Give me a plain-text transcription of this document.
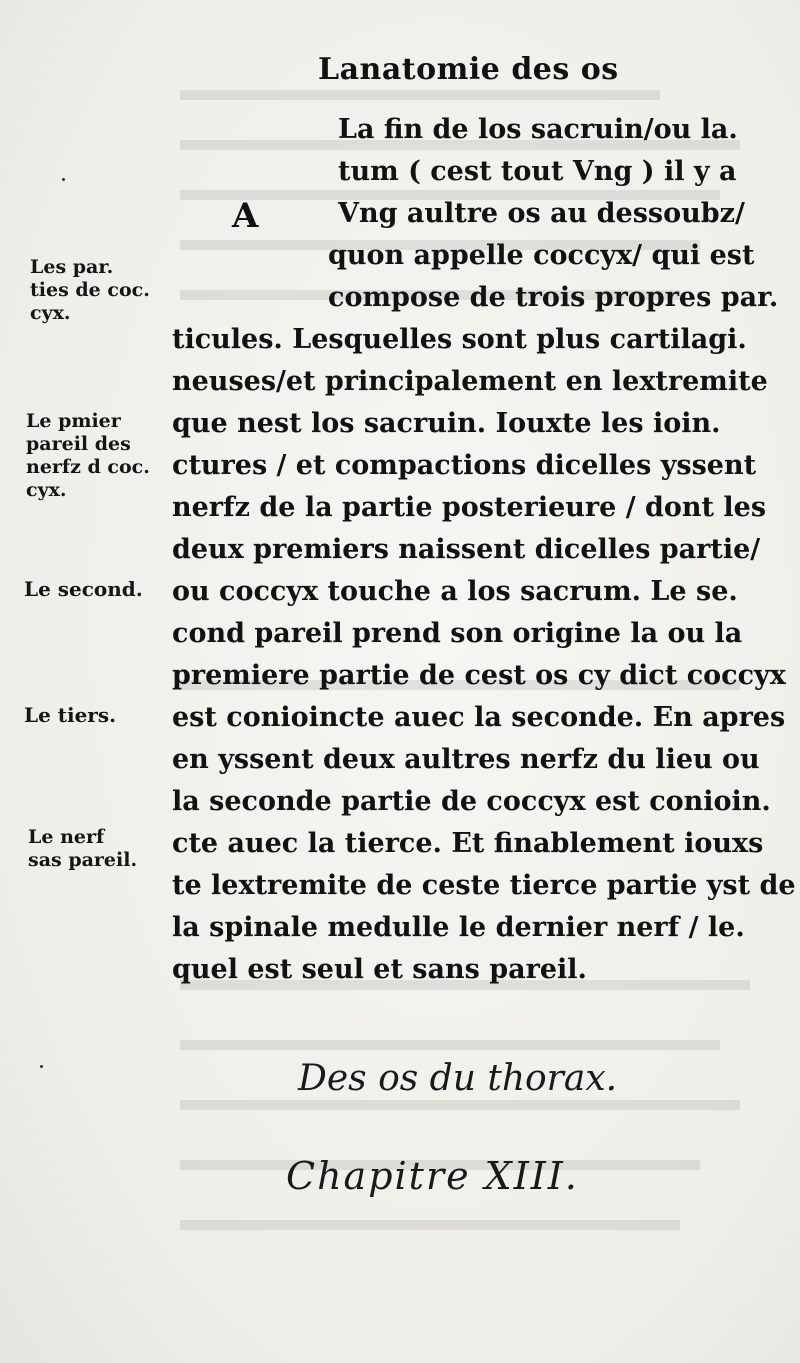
Lanatomie des os
A
La fin de los sacruin/ou la.
tum ( cest tout Vng ) il y a
Vng aultre os au dessoubz/
quon appelle coccyx/ qui est
compose de trois propres par.
ticules. Lesquelles sont plus cartilagi.
neuses/et principalement en lextremite
que nest los sacruin. Iouxte les ioin.
ctures / et compactions dicelles yssent
nerfz de la partie posterieure / dont les
deux premiers naissent dicelles partie/
ou coccyx touche a los sacrum. Le se.
cond pareil prend son origine la ou la
premiere partie de cest os cy dict coccyx
est conioincte auec la seconde. En apres
en yssent deux aultres nerfz du lieu ou
la seconde partie de coccyx est conioin.
cte auec la tierce. Et finablement iouxs
te lextremite de ceste tierce partie yst de
la spinale medulle le dernier nerf / le.
quel est seul et sans pareil.
Les par.
ties de coc.
cyx.
Le pmier
pareil des
nerfz d coc.
cyx.
Le second.
Le tiers.
Le nerf
sas pareil.
Des os du thorax.
Chapitre XIII.
